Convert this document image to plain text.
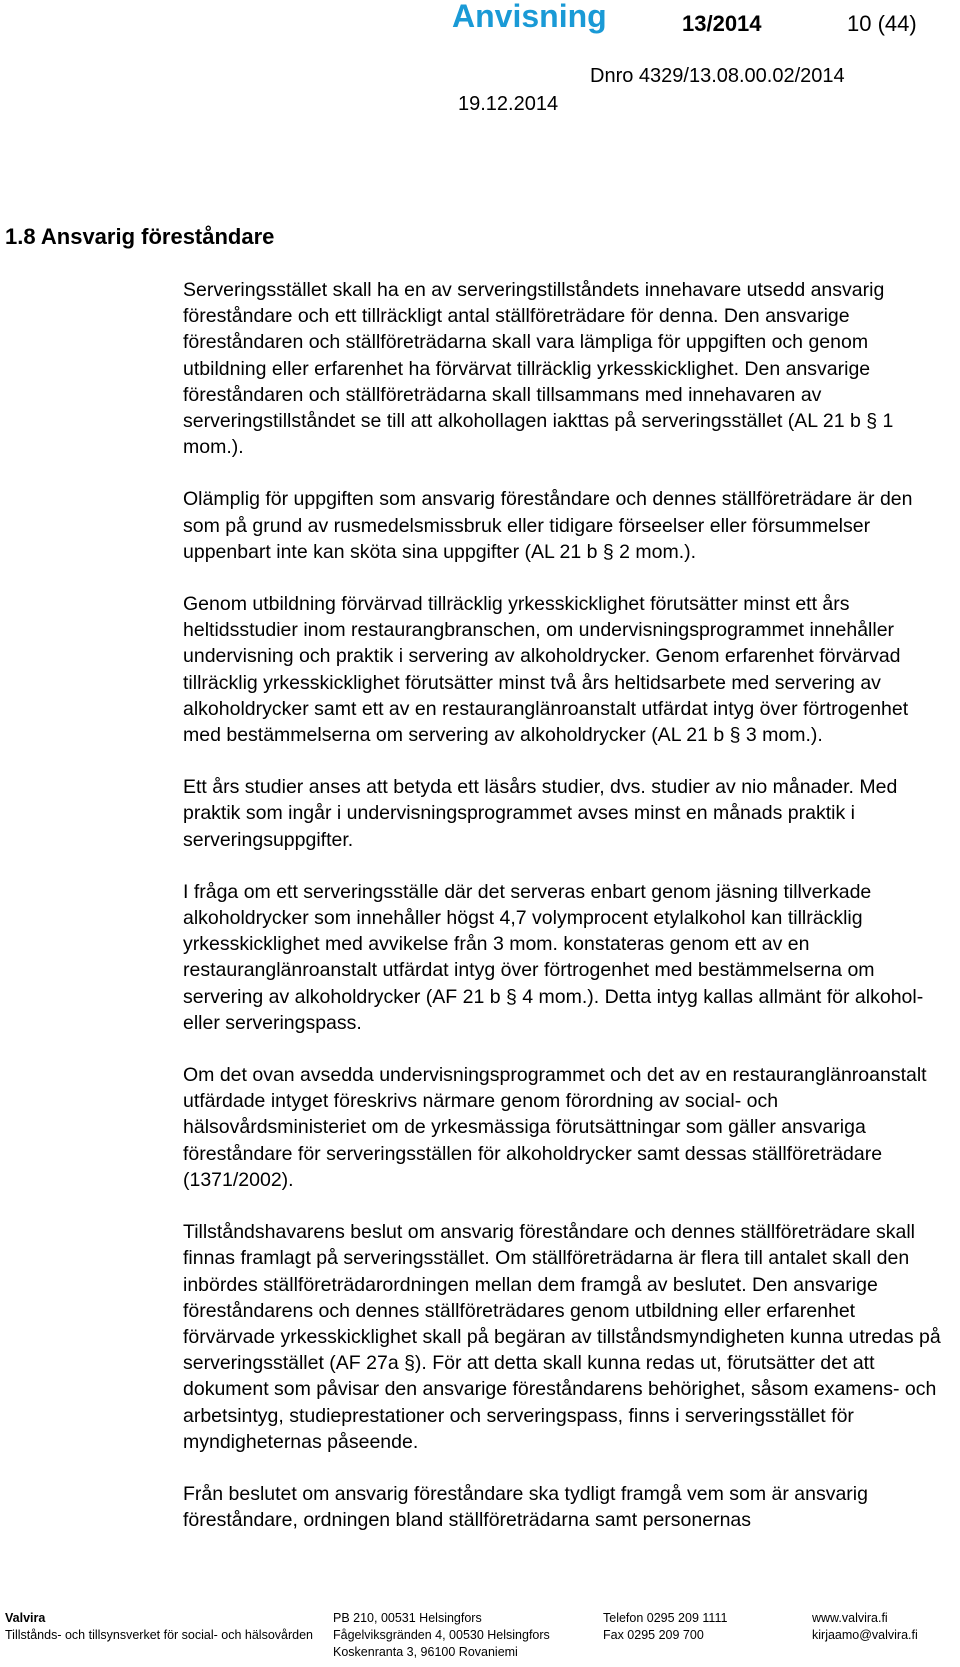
Anvisning	13/2014	10 (44)
Dnro 4329/13.08.00.02/2014
19.12.2014
1.8 Ansvarig föreståndare

Serveringsstället skall ha en av serveringstillståndets innehavare utsedd ansvarig föreståndare och ett tillräckligt antal ställföreträdare för denna. Den ansvarige föreståndaren och ställföreträdarna skall vara lämpliga för uppgiften och genom utbildning eller erfarenhet ha förvärvat tillräcklig yrkesskicklighet. Den ansvarige föreståndaren och ställföreträdarna skall tillsammans med innehavaren av serveringstillståndet se till att alkohollagen iakttas på serveringsstället (AL 21 b § 1 mom.).

Olämplig för uppgiften som ansvarig föreståndare och dennes ställföreträdare är den som på grund av rusmedelsmissbruk eller tidigare förseelser eller försummelser uppenbart inte kan sköta sina uppgifter (AL 21 b § 2 mom.).

Genom utbildning förvärvad tillräcklig yrkesskicklighet förutsätter minst ett års heltidsstudier inom restaurangbranschen, om undervisningsprogrammet innehåller undervisning och praktik i servering av alkoholdrycker. Genom erfarenhet förvärvad tillräcklig yrkesskicklighet förutsätter minst två års heltidsarbete med servering av alkoholdrycker samt ett av en restauranglänroanstalt utfärdat intyg över förtrogenhet med bestämmelserna om servering av alkoholdrycker (AL 21 b § 3 mom.).

Ett års studier anses att betyda ett läsårs studier, dvs. studier av nio månader. Med praktik som ingår i undervisningsprogrammet avses minst en månads praktik i serveringsuppgifter.

I fråga om ett serveringsställe där det serveras enbart genom jäsning tillverkade alkoholdrycker som innehåller högst 4,7 volymprocent etylalkohol kan tillräcklig yrkesskicklighet med avvikelse från 3 mom. konstateras genom ett av en restauranglänroanstalt utfärdat intyg över förtrogenhet med bestämmelserna om servering av alkoholdrycker (AF 21 b § 4 mom.). Detta intyg kallas allmänt för alkohol- eller serveringspass.

Om det ovan avsedda undervisningsprogrammet och det av en restauranglänroanstalt utfärdade intyget föreskrivs närmare genom förordning av social- och hälsovårdsministeriet om de yrkesmässiga förutsättningar som gäller ansvariga föreståndare för serveringsställen för alkoholdrycker samt dessas ställföreträdare (1371/2002).

Tillståndshavarens beslut om ansvarig föreståndare och dennes ställföreträdare skall finnas framlagt på serveringsstället. Om ställföreträdarna är flera till antalet skall den inbördes ställföreträdarordningen mellan dem framgå av beslutet. Den ansvarige föreståndarens och dennes ställföreträdares genom utbildning eller erfarenhet förvärvade yrkesskicklighet skall på begäran av tillståndsmyndigheten kunna utredas på serveringsstället (AF 27a §). För att detta skall kunna redas ut, förutsätter det att dokument som påvisar den ansvarige föreståndarens behörighet, såsom examens- och arbetsintyg, studieprestationer och serveringspass, finns i serveringsstället för myndigheternas påseende.

Från beslutet om ansvarig föreståndare ska tydligt framgå vem som är ansvarig föreståndare, ordningen bland ställföreträdarna samt personernas

Valvira
Tillstånds- och tillsynsverket för social- och hälsovården
PB 210, 00531 Helsingfors
Fågelviksgränden 4, 00530 Helsingfors
Koskenranta 3, 96100 Rovaniemi
Telefon 0295 209 1111
Fax 0295 209 700
www.valvira.fi
kirjaamo@valvira.fi
